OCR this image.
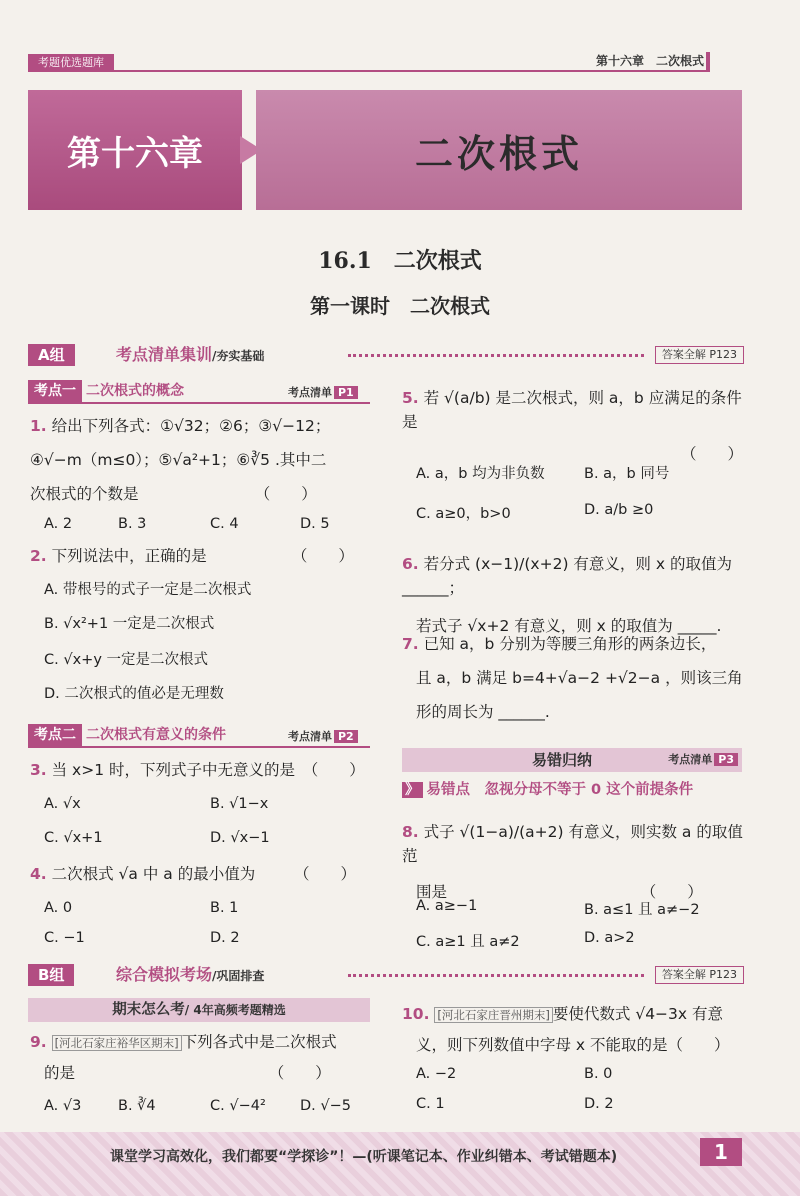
考题优选题库	第十六章　二次根式
第十六章	二次根式
16.1　二次根式
第一课时　二次根式
A组	考点清单集训/夯实基础	答案全解 P123
考点一 二次根式的概念	考点清单 P1
1. 给出下列各式：①√32；②6；③√−12；
④√−m（m≤0）；⑤√a²+1；⑥∛5 .其中二
次根式的个数是　　　　　　　　（　　）
A. 2	B. 3	C. 4	D. 5
2. 下列说法中，正确的是　　　　　　（　　）
A. 带根号的式子一定是二次根式
B. √x²+1 一定是二次根式
C. √x+y 一定是二次根式
D. 二次根式的值必是无理数
考点二 二次根式有意义的条件	考点清单 P2
3. 当 x>1 时，下列式子中无意义的是　（　　）
A. √x	B. √1−x
C. √x+1	D. √x−1
4. 二次根式 √a 中 a 的最小值为　　　（　　）
A. 0	B. 1
C. −1	D. 2
5. 若 √(a/b) 是二次根式，则 a，b 应满足的条件是
（　　）
A. a，b 均为非负数	B. a，b 同号
C. a≥0，b>0	D. a/b ≥0
6. 若分式 (x−1)/(x+2) 有意义，则 x 的取值为 ______；
若式子 √x+2 有意义，则 x 的取值为 _____.
7. 已知 a，b 分别为等腰三角形的两条边长，
且 a，b 满足 b=4+√a−2 +√2−a ，则该三角
形的周长为 ______.
易错归纳	考点清单 P3
》 易错点　 忽视分母不等于 0 这个前提条件
8. 式子 √(1−a)/(a+2) 有意义，则实数 a 的取值范
围是　　　　　　　　　　　　　（　　）
A. a≥−1	B. a≤1 且 a≠−2
C. a≥1 且 a≠2	D. a>2
B组	综合模拟考场/巩固排查	答案全解 P123
期末怎么考/ 4年高频考题精选
9. [河北石家庄裕华区期末] 下列各式中是二次根式
的是　　　　　　　　　　　　　（　　）
A. √3	B. ∛4	C. √−4² D. √−5
10. [河北石家庄晋州期末] 要使代数式 √4−3x 有意
义，则下列数值中字母 x 不能取的是（　　）
A. −2	B. 0
C. 1	D. 2
课堂学习高效化，我们都要“学探诊”！—(听课笔记本、作业纠错本、考试错题本)	1
